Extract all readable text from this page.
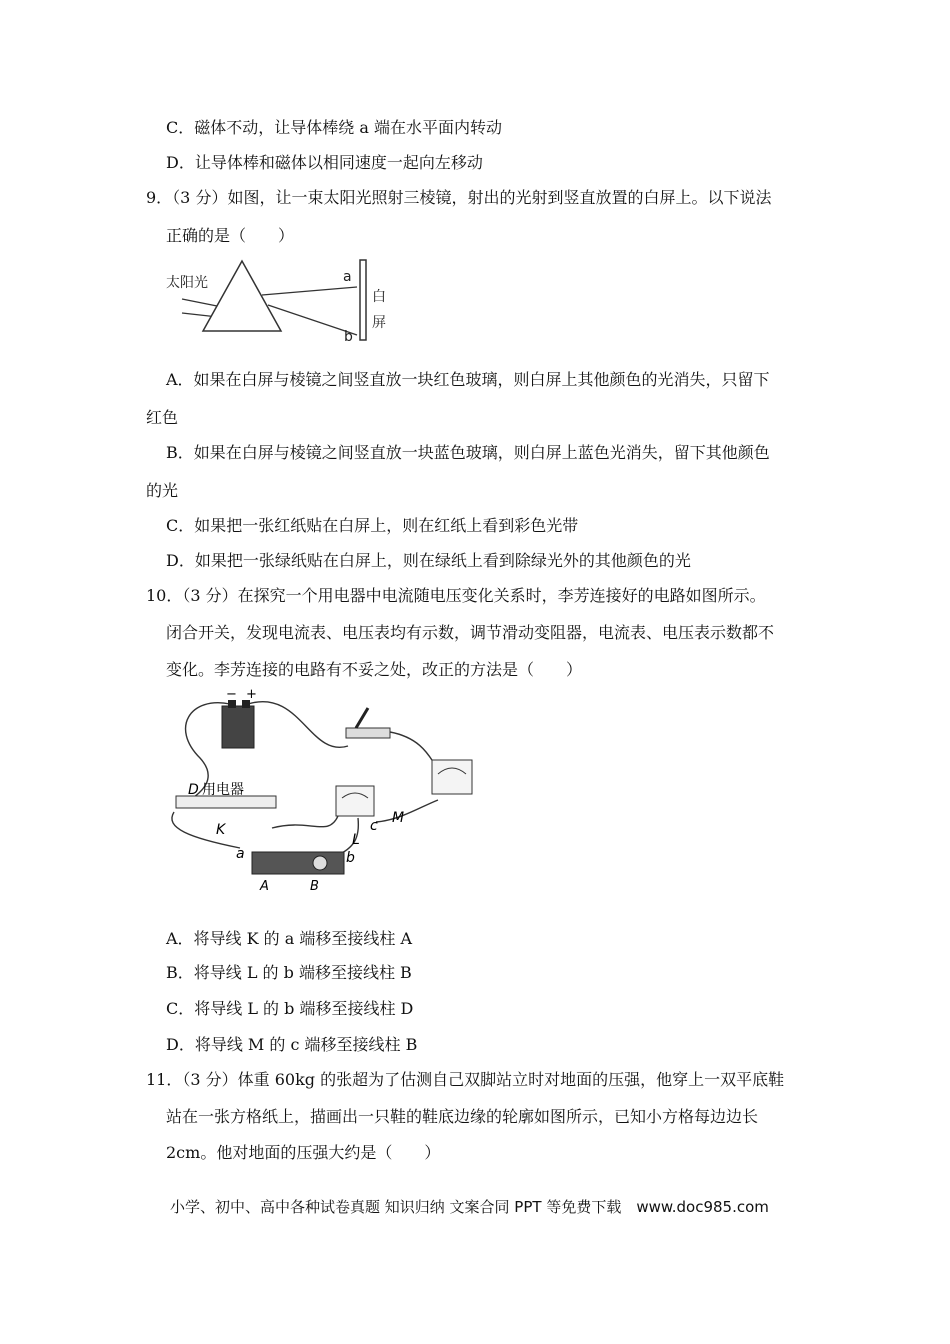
C．磁体不动，让导体棒绕 a 端在水平面内转动
D．让导体棒和磁体以相同速度一起向左移动
9．（3 分）如图，让一束太阳光照射三棱镜，射出的光射到竖直放置的白屏上。以下说法
正确的是（　　）
太阳光	a
b
白
屏
A．如果在白屏与棱镜之间竖直放一块红色玻璃，则白屏上其他颜色的光消失，只留下
红色
B．如果在白屏与棱镜之间竖直放一块蓝色玻璃，则白屏上蓝色光消失，留下其他颜色
的光
C．如果把一张红纸贴在白屏上，则在红纸上看到彩色光带
D．如果把一张绿纸贴在白屏上，则在绿纸上看到除绿光外的其他颜色的光
10．（3 分）在探究一个用电器中电流随电压变化关系时，李芳连接好的电路如图所示。
闭合开关，发现电流表、电压表均有示数，调节滑动变阻器，电流表、电压表示数都不
变化。李芳连接的电路有不妥之处，改正的方法是（　　）
− +
D 用电器
K
a
A	B
L
b
c M
A．将导线 K 的 a 端移至接线柱 A
B．将导线 L 的 b 端移至接线柱 B
C．将导线 L 的 b 端移至接线柱 D
D．将导线 M 的 c 端移至接线柱 B
11．（3 分）体重 60kg 的张超为了估测自己双脚站立时对地面的压强，他穿上一双平底鞋
站在一张方格纸上，描画出一只鞋的鞋底边缘的轮廓如图所示，已知小方格每边边长
2cm。他对地面的压强大约是（　　）
小学、初中、高中各种试卷真题 知识归纳 文案合同 PPT 等免费下载　www.doc985.com
